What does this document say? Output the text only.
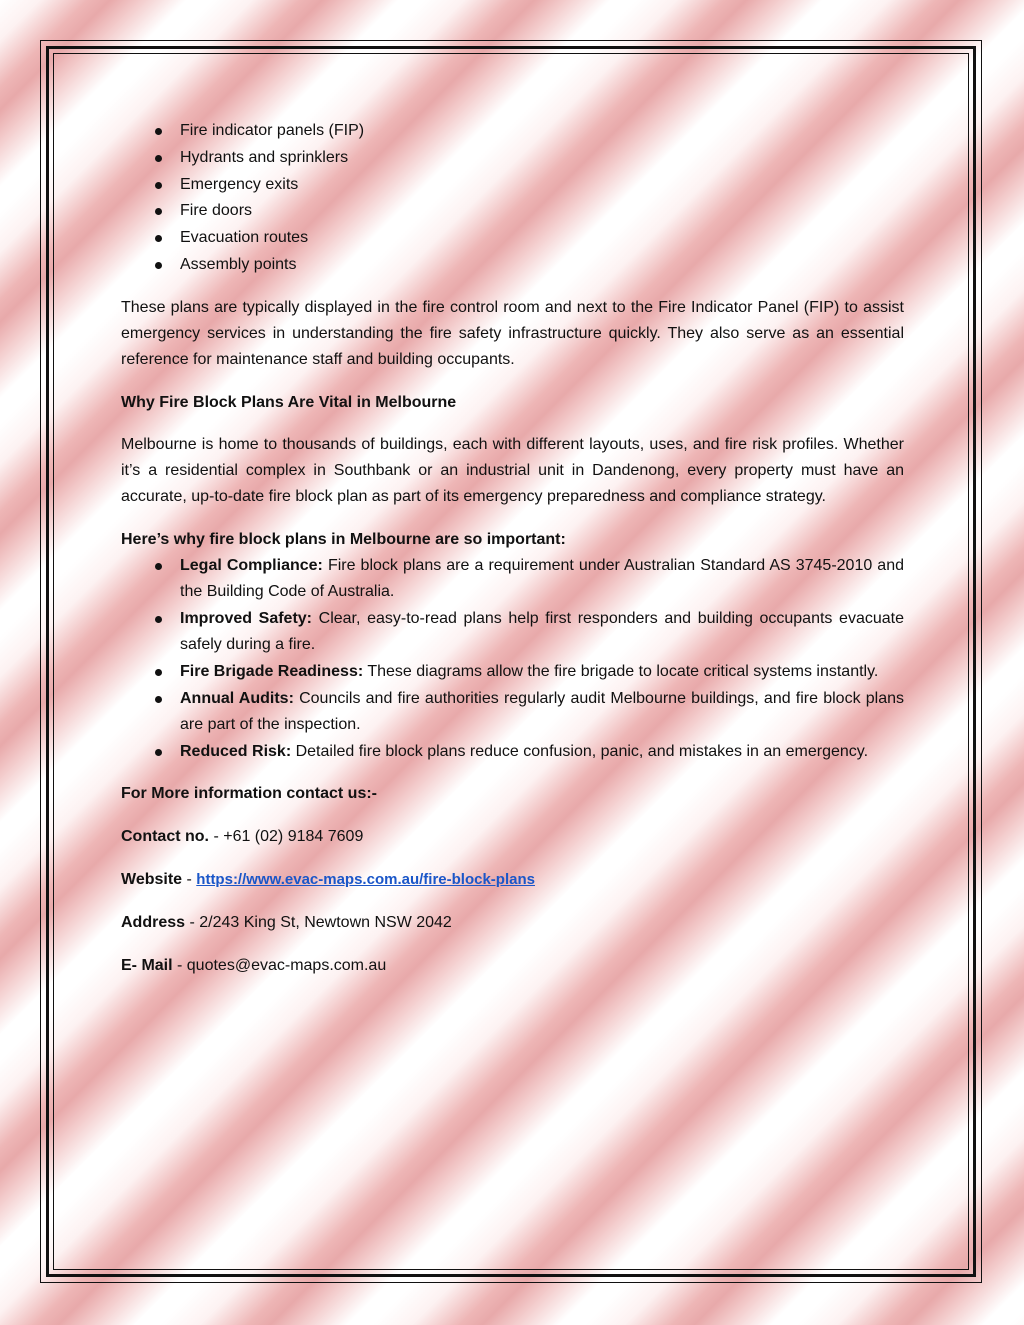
Fire indicator panels (FIP)
Hydrants and sprinklers
Emergency exits
Fire doors
Evacuation routes
Assembly points

These plans are typically displayed in the fire control room and next to the Fire Indicator Panel (FIP) to assist emergency services in understanding the fire safety infrastructure quickly. They also serve as an essential reference for maintenance staff and building occupants.

Why Fire Block Plans Are Vital in Melbourne

Melbourne is home to thousands of buildings, each with different layouts, uses, and fire risk profiles. Whether it’s a residential complex in Southbank or an industrial unit in Dandenong, every property must have an accurate, up-to-date fire block plan as part of its emergency preparedness and compliance strategy.

Here’s why fire block plans in Melbourne are so important:

Legal Compliance: Fire block plans are a requirement under Australian Standard AS 3745-2010 and the Building Code of Australia.
Improved Safety: Clear, easy-to-read plans help first responders and building occupants evacuate safely during a fire.
Fire Brigade Readiness: These diagrams allow the fire brigade to locate critical systems instantly.
Annual Audits: Councils and fire authorities regularly audit Melbourne buildings, and fire block plans are part of the inspection.
Reduced Risk: Detailed fire block plans reduce confusion, panic, and mistakes in an emergency.

For More information contact us:-

Contact no. - +61 (02) 9184 7609

Website - https://www.evac-maps.com.au/fire-block-plans

Address - 2/243 King St, Newtown NSW 2042

E- Mail - quotes@evac-maps.com.au
